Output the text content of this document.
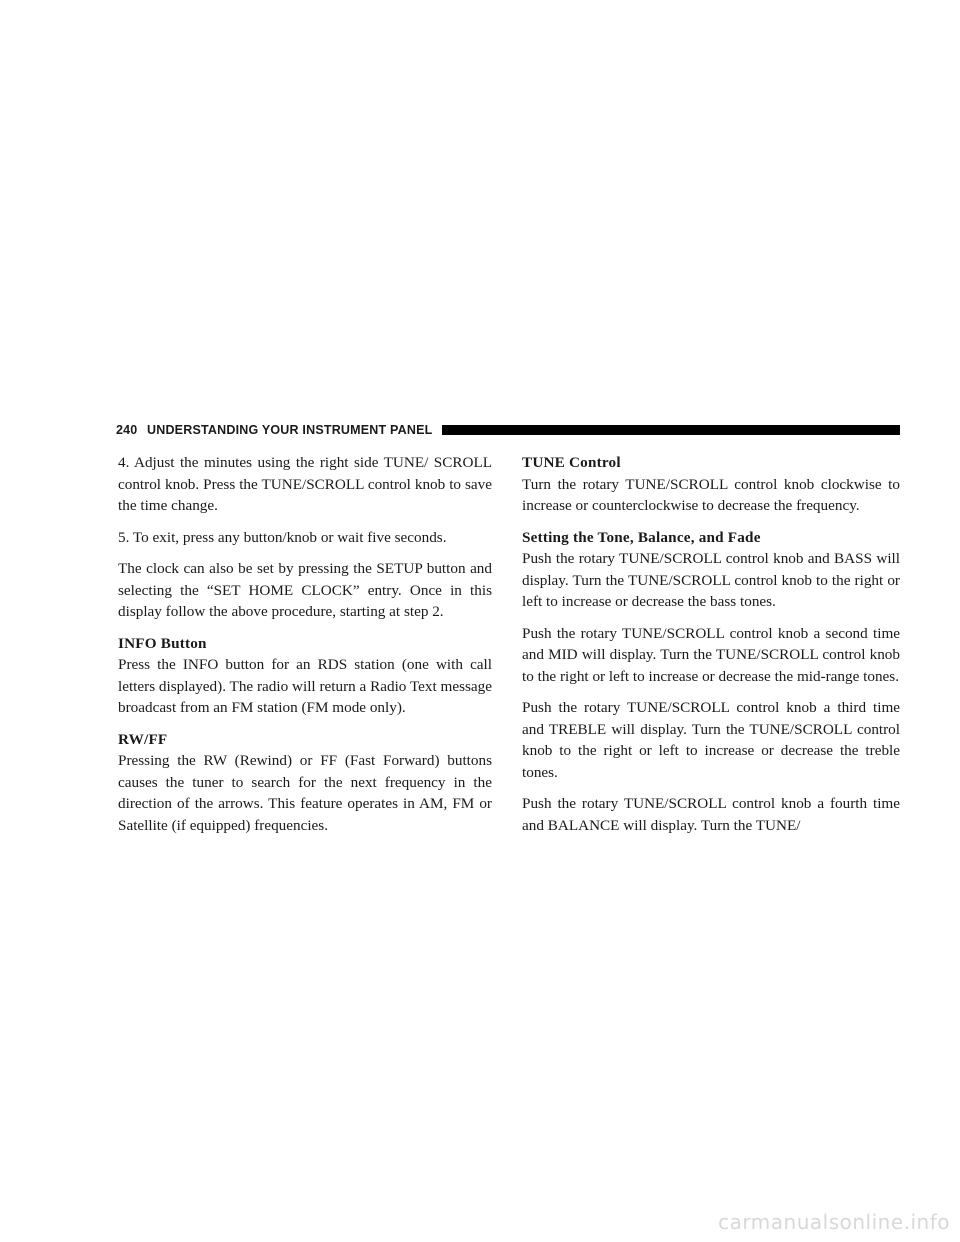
240 UNDERSTANDING YOUR INSTRUMENT PANEL

4. Adjust the minutes using the right side TUNE/ SCROLL control knob. Press the TUNE/SCROLL control knob to save the time change.

5. To exit, press any button/knob or wait five seconds.

The clock can also be set by pressing the SETUP button and selecting the “SET HOME CLOCK” entry. Once in this display follow the above procedure, starting at step 2.

INFO Button

Press the INFO button for an RDS station (one with call letters displayed). The radio will return a Radio Text message broadcast from an FM station (FM mode only).

RW/FF

Pressing the RW (Rewind) or FF (Fast Forward) buttons causes the tuner to search for the next frequency in the direction of the arrows. This feature operates in AM, FM or Satellite (if equipped) frequencies.

TUNE Control

Turn the rotary TUNE/SCROLL control knob clockwise to increase or counterclockwise to decrease the frequency.

Setting the Tone, Balance, and Fade

Push the rotary TUNE/SCROLL control knob and BASS will display. Turn the TUNE/SCROLL control knob to the right or left to increase or decrease the bass tones.

Push the rotary TUNE/SCROLL control knob a second time and MID will display. Turn the TUNE/SCROLL control knob to the right or left to increase or decrease the mid-range tones.

Push the rotary TUNE/SCROLL control knob a third time and TREBLE will display. Turn the TUNE/SCROLL control knob to the right or left to increase or decrease the treble tones.

Push the rotary TUNE/SCROLL control knob a fourth time and BALANCE will display. Turn the TUNE/

carmanualsonline.info
